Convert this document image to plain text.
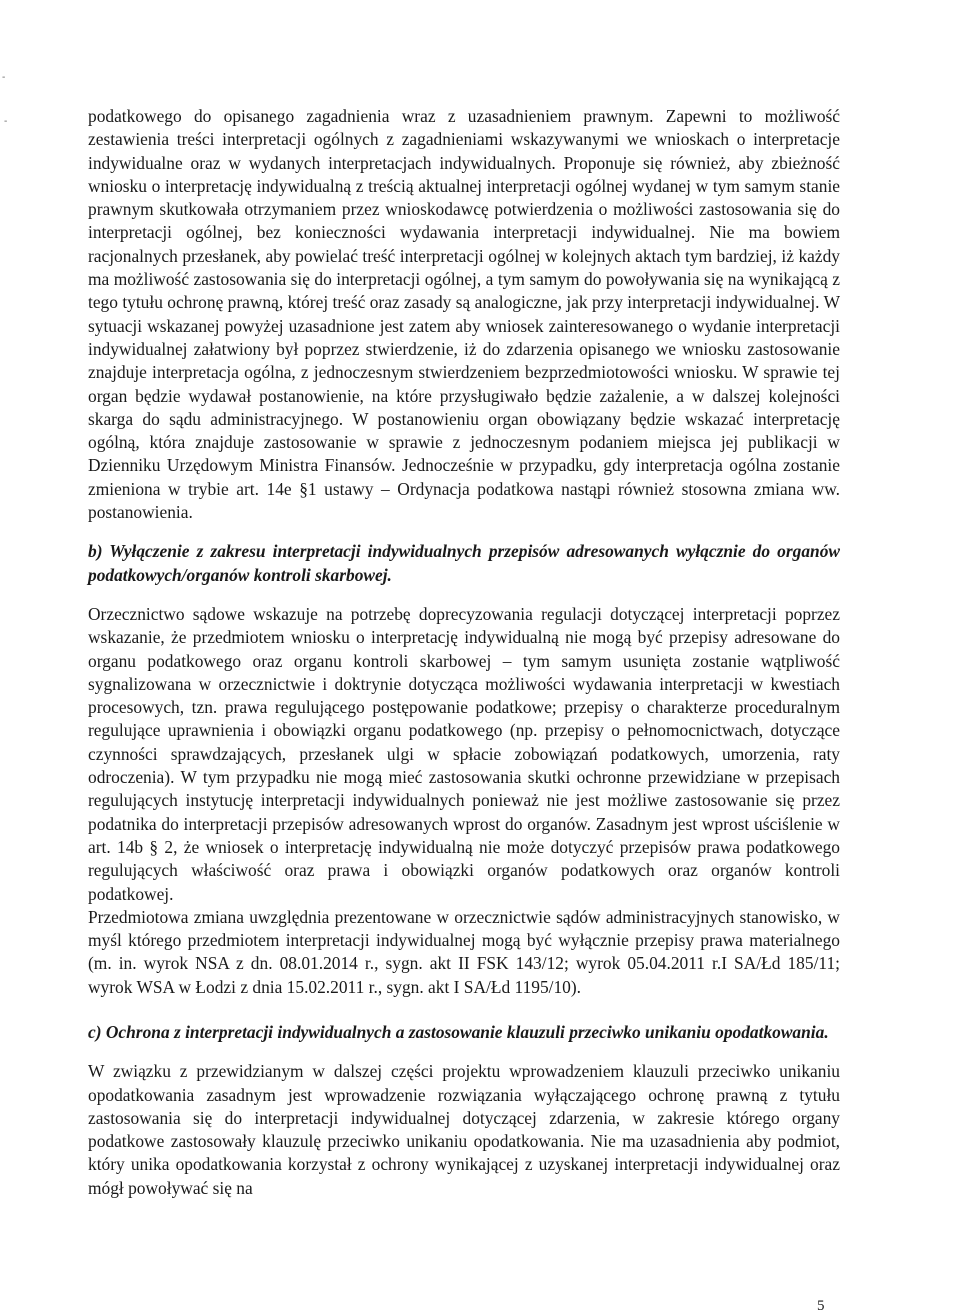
-
-	podatkowego do opisanego zagadnienia wraz z uzasadnieniem prawnym. Zapewni to możliwość zestawienia treści interpretacji ogólnych z zagadnieniami wskazywanymi we wnioskach o interpretacje indywidualne oraz w wydanych interpretacjach indywidualnych. Proponuje się również, aby zbieżność wniosku o interpretację indywidualną z treścią aktualnej interpretacji ogólnej wydanej w tym samym stanie prawnym skutkowała otrzymaniem przez wnioskodawcę potwierdzenia o możliwości zastosowania się do interpretacji ogólnej, bez konieczności wydawania interpretacji indywidualnej. Nie ma bowiem racjonalnych przesłanek, aby powielać treść interpretacji ogólnej w kolejnych aktach tym bardziej, iż każdy ma możliwość zastosowania się do interpretacji ogólnej, a tym samym do powoływania się na wynikającą z tego tytułu ochronę prawną, której treść oraz zasady są analogiczne, jak przy interpretacji indywidualnej. W sytuacji wskazanej powyżej uzasadnione jest zatem aby wniosek zainteresowanego o wydanie interpretacji indywidualnej załatwiony był poprzez stwierdzenie, iż do zdarzenia opisanego we wniosku zastosowanie znajduje interpretacja ogólna, z jednoczesnym stwierdzeniem bezprzedmiotowości wniosku. W sprawie tej organ będzie wydawał postanowienie, na które przysługiwało będzie zażalenie, a w dalszej kolejności skarga do sądu administracyjnego. W postanowieniu organ obowiązany będzie wskazać interpretację ogólną, która znajduje zastosowanie w sprawie z jednoczesnym podaniem miejsca jej publikacji w Dzienniku Urzędowym Ministra Finansów. Jednocześnie w przypadku, gdy interpretacja ogólna zostanie zmieniona w trybie art. 14e §1 ustawy – Ordynacja podatkowa nastąpi również stosowna zmiana ww. postanowienia.

b) Wyłączenie z zakresu interpretacji indywidualnych przepisów adresowanych wyłącznie do organów podatkowych/organów kontroli skarbowej.

Orzecznictwo sądowe wskazuje na potrzebę doprecyzowania regulacji dotyczącej interpretacji poprzez wskazanie, że przedmiotem wniosku o interpretację indywidualną nie mogą być przepisy adresowane do organu podatkowego oraz organu kontroli skarbowej – tym samym usunięta zostanie wątpliwość sygnalizowana w orzecznictwie i doktrynie dotycząca możliwości wydawania interpretacji w kwestiach procesowych, tzn. prawa regulującego postępowanie podatkowe; przepisy o charakterze proceduralnym regulujące uprawnienia i obowiązki organu podatkowego (np. przepisy o pełnomocnictwach, dotyczące czynności sprawdzających, przesłanek ulgi w spłacie zobowiązań podatkowych, umorzenia, raty odroczenia). W tym przypadku nie mogą mieć zastosowania skutki ochronne przewidziane w przepisach regulujących instytucję interpretacji indywidualnych ponieważ nie jest możliwe zastosowanie się przez podatnika do interpretacji przepisów adresowanych wprost do organów. Zasadnym jest wprost uściślenie w art. 14b § 2, że wniosek o interpretację indywidualną nie może dotyczyć przepisów prawa podatkowego regulujących właściwość oraz prawa i obowiązki organów podatkowych oraz organów kontroli podatkowej.

Przedmiotowa zmiana uwzględnia prezentowane w orzecznictwie sądów administracyjnych stanowisko, w myśl którego przedmiotem interpretacji indywidualnej mogą być wyłącznie przepisy prawa materialnego (m. in. wyrok NSA z dn. 08.01.2014 r., sygn. akt II FSK 143/12; wyrok 05.04.2011 r.I SA/Łd 185/11; wyrok WSA w Łodzi z dnia 15.02.2011 r., sygn. akt I SA/Łd 1195/10).

c) Ochrona z interpretacji indywidualnych a zastosowanie klauzuli przeciwko unikaniu opodatkowania.

W związku z przewidzianym w dalszej części projektu wprowadzeniem klauzuli przeciwko unikaniu opodatkowania zasadnym jest wprowadzenie rozwiązania wyłączającego ochronę prawną z tytułu zastosowania się do interpretacji indywidualnej dotyczącej zdarzenia, w zakresie którego organy podatkowe zastosowały klauzulę przeciwko unikaniu opodatkowania. Nie ma uzasadnienia aby podmiot, który unika opodatkowania korzystał z ochrony wynikającej z uzyskanej interpretacji indywidualnej oraz mógł powoływać się na

5
